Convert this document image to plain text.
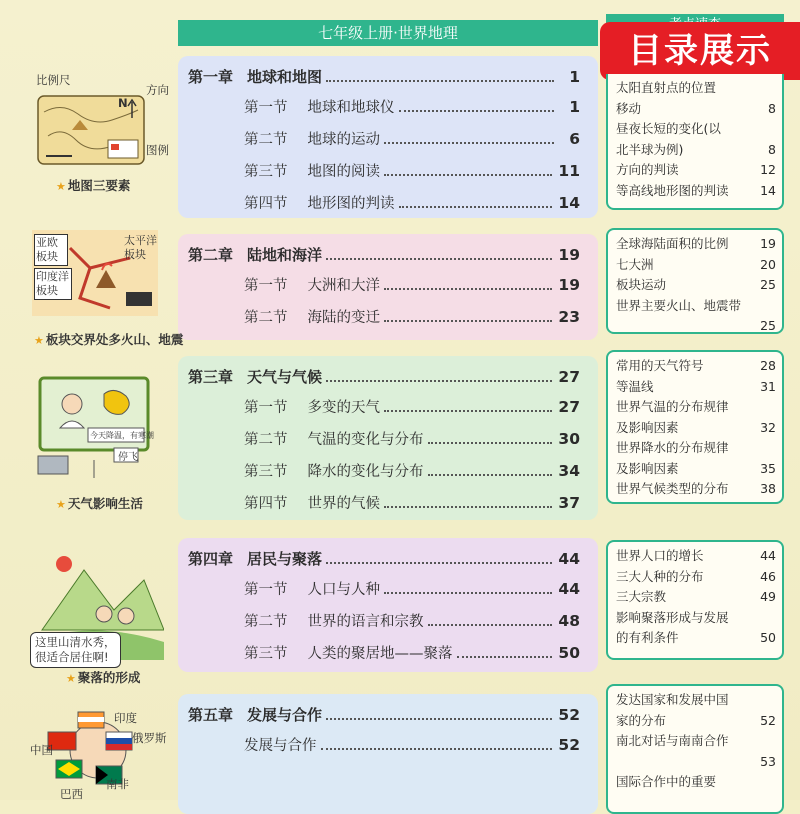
七年级上册·世界地理	目录展示
第一章 地球和地图	1
第一节 地球和地球仪	1
第二节 地球的运动	6
第三节 地图的阅读	11
第四节 地形图的判读	14
第二章 陆地和海洋	19
第一节 大洲和大洋	19
第二节 海陆的变迁	23
第三章 天气与气候	27
第一节 多变的天气	27
第二节 气温的变化与分布	30
第三节 降水的变化与分布	34
第四节 世界的气候	37
第四章 居民与聚落	44
第一节 人口与人种	44
第二节 世界的语言和宗教	48
第三节 人类的聚居地——聚落	50
第五章 发展与合作	52
发展与合作	52
太阳直射点的位置
移动	8
昼夜长短的变化(以
北半球为例)	8
方向的判读	12
等高线地形图的判读	14
全球海陆面积的比例	19
七大洲	20
板块运动	25
世界主要火山、地震带
25
常用的天气符号	28
等温线	31
世界气温的分布规律
及影响因素	32
世界降水的分布规律
及影响因素	35
世界气候类型的分布	38
世界人口的增长	44
三大人种的分布	46
三大宗教	49
影响聚落形成与发展
的有利条件	50
发达国家和发展中国
家的分布	52
南北对话与南南合作
53
国际合作中的重要
比例尺
方向
图例
N
★ 地图三要素
亚欧板块
太平洋板块
印度洋板块
★ 板块交界处多火山、地震
今天降温，有寒潮
停飞
★ 天气影响生活
这里山清水秀，
很适合居住啊!
★ 聚落的形成
印度
俄罗斯
中国
南非
巴西
